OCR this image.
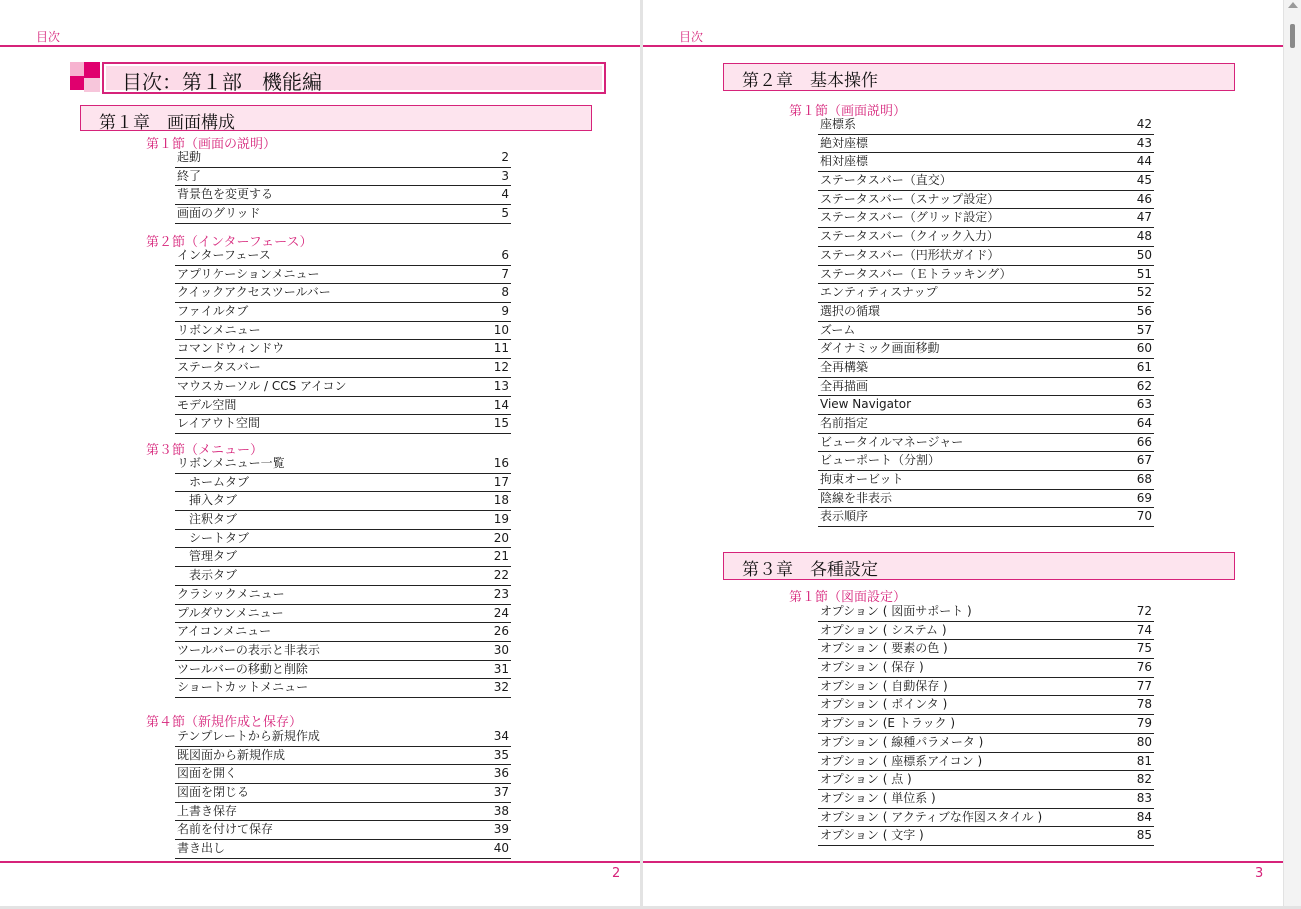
目次
目次：第１部　機能編
第１章　画面構成
第１節（画面の説明）
起動	2
終了	3
背景色を変更する	4
画面のグリッド	5
第２節（インターフェース）
インターフェース	6
アプリケーションメニュー	7
クイックアクセスツールバー	8
ファイルタブ	9
リボンメニュー	10
コマンドウィンドウ	11
ステータスバー	12
マウスカーソル / CCS アイコン	13
モデル空間	14
レイアウト空間	15
第３節（メニュー）
リボンメニュー一覧	16
ホームタブ	17
挿入タブ	18
注釈タブ	19
シートタブ	20
管理タブ	21
表示タブ	22
クラシックメニュー	23
プルダウンメニュー	24
アイコンメニュー	26
ツールバーの表示と非表示	30
ツールバーの移動と削除	31
ショートカットメニュー	32
第４節（新規作成と保存）
テンプレートから新規作成	34
既図面から新規作成	35
図面を開く	36
図面を閉じる	37
上書き保存	38
名前を付けて保存	39
書き出し	40
2
目次
第２章　基本操作
第１節（画面説明）
座標系	42
絶対座標	43
相対座標	44
ステータスバー（直交）	45
ステータスバー（スナップ設定）	46
ステータスバー（グリッド設定）	47
ステータスバー（クイック入力）	48
ステータスバー（円形状ガイド）	50
ステータスバー（Ｅトラッキング）	51
エンティティスナップ	52
選択の循環	56
ズーム	57
ダイナミック画面移動	60
全再構築	61
全再描画	62
View Navigator	63
名前指定	64
ビュータイルマネージャー	66
ビューポート（分割）	67
拘束オービット	68
陰線を非表示	69
表示順序	70
第３章　各種設定
第１節（図面設定）
オプション ( 図面サポート )	72
オプション ( システム )	74
オプション ( 要素の色 )	75
オプション ( 保存 )	76
オプション ( 自動保存 )	77
オプション ( ポインタ )	78
オプション (E トラック )	79
オプション ( 線種パラメータ )	80
オプション ( 座標系アイコン )	81
オプション ( 点 )	82
オプション ( 単位系 )	83
オプション ( アクティブな作図スタイル )	84
オプション ( 文字 )	85
3
